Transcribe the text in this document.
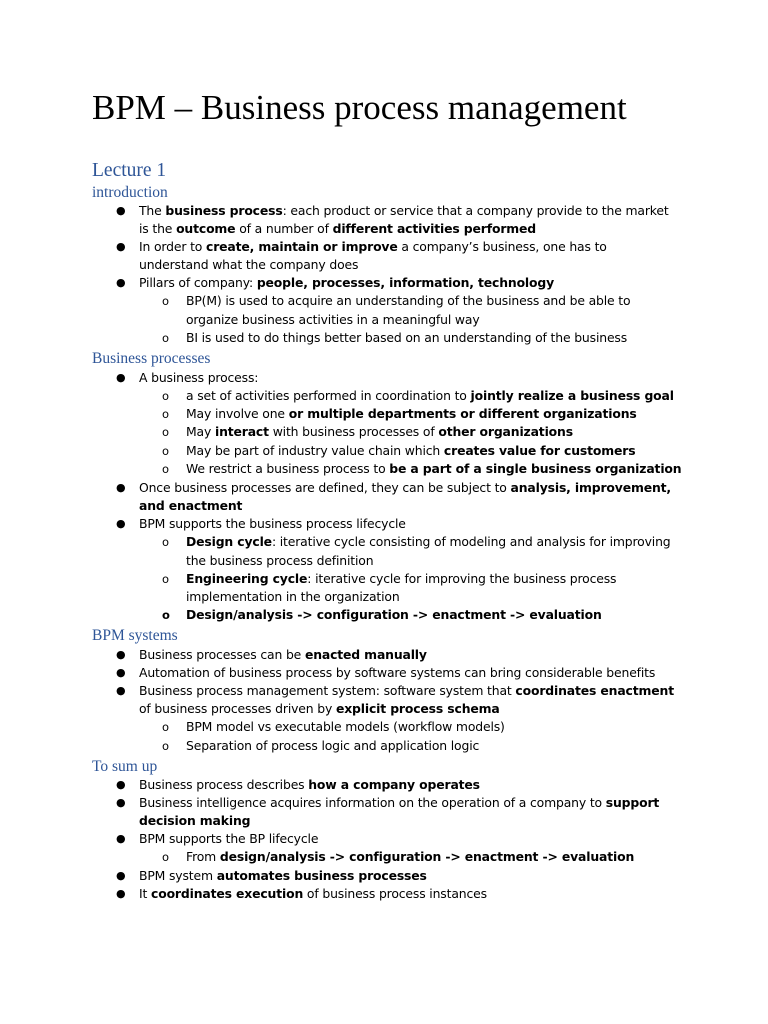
BPM – Business process management
Lecture 1
introduction
Business processes
BPM systems
To sum up
● The business process: each product or service that a company provide to the market
is the outcome of a number of different activities performed
● In order to create, maintain or improve a company’s business, one has to
understand what the company does
● Pillars of company: people, processes, information, technology
o BP(M) is used to acquire an understanding of the business and be able to
organize business activities in a meaningful way
o BI is used to do things better based on an understanding of the business
● A business process:
o a set of activities performed in coordination to jointly realize a business goal
o May involve one or multiple departments or different organizations
o May interact with business processes of other organizations
o May be part of industry value chain which creates value for customers
o We restrict a business process to be a part of a single business organization
● Once business processes are defined, they can be subject to analysis, improvement,
and enactment
● BPM supports the business process lifecycle
o Design cycle: iterative cycle consisting of modeling and analysis for improving
the business process definition
o Engineering cycle: iterative cycle for improving the business process
implementation in the organization
o Design/analysis -> configuration -> enactment -> evaluation
● Business processes can be enacted manually
● Automation of business process by software systems can bring considerable benefits
● Business process management system: software system that coordinates enactment
of business processes driven by explicit process schema
o BPM model vs executable models (workflow models)
o Separation of process logic and application logic
● Business process describes how a company operates
● Business intelligence acquires information on the operation of a company to support
decision making
● BPM supports the BP lifecycle
o From design/analysis -> configuration -> enactment -> evaluation
● BPM system automates business processes
● It coordinates execution of business process instances
